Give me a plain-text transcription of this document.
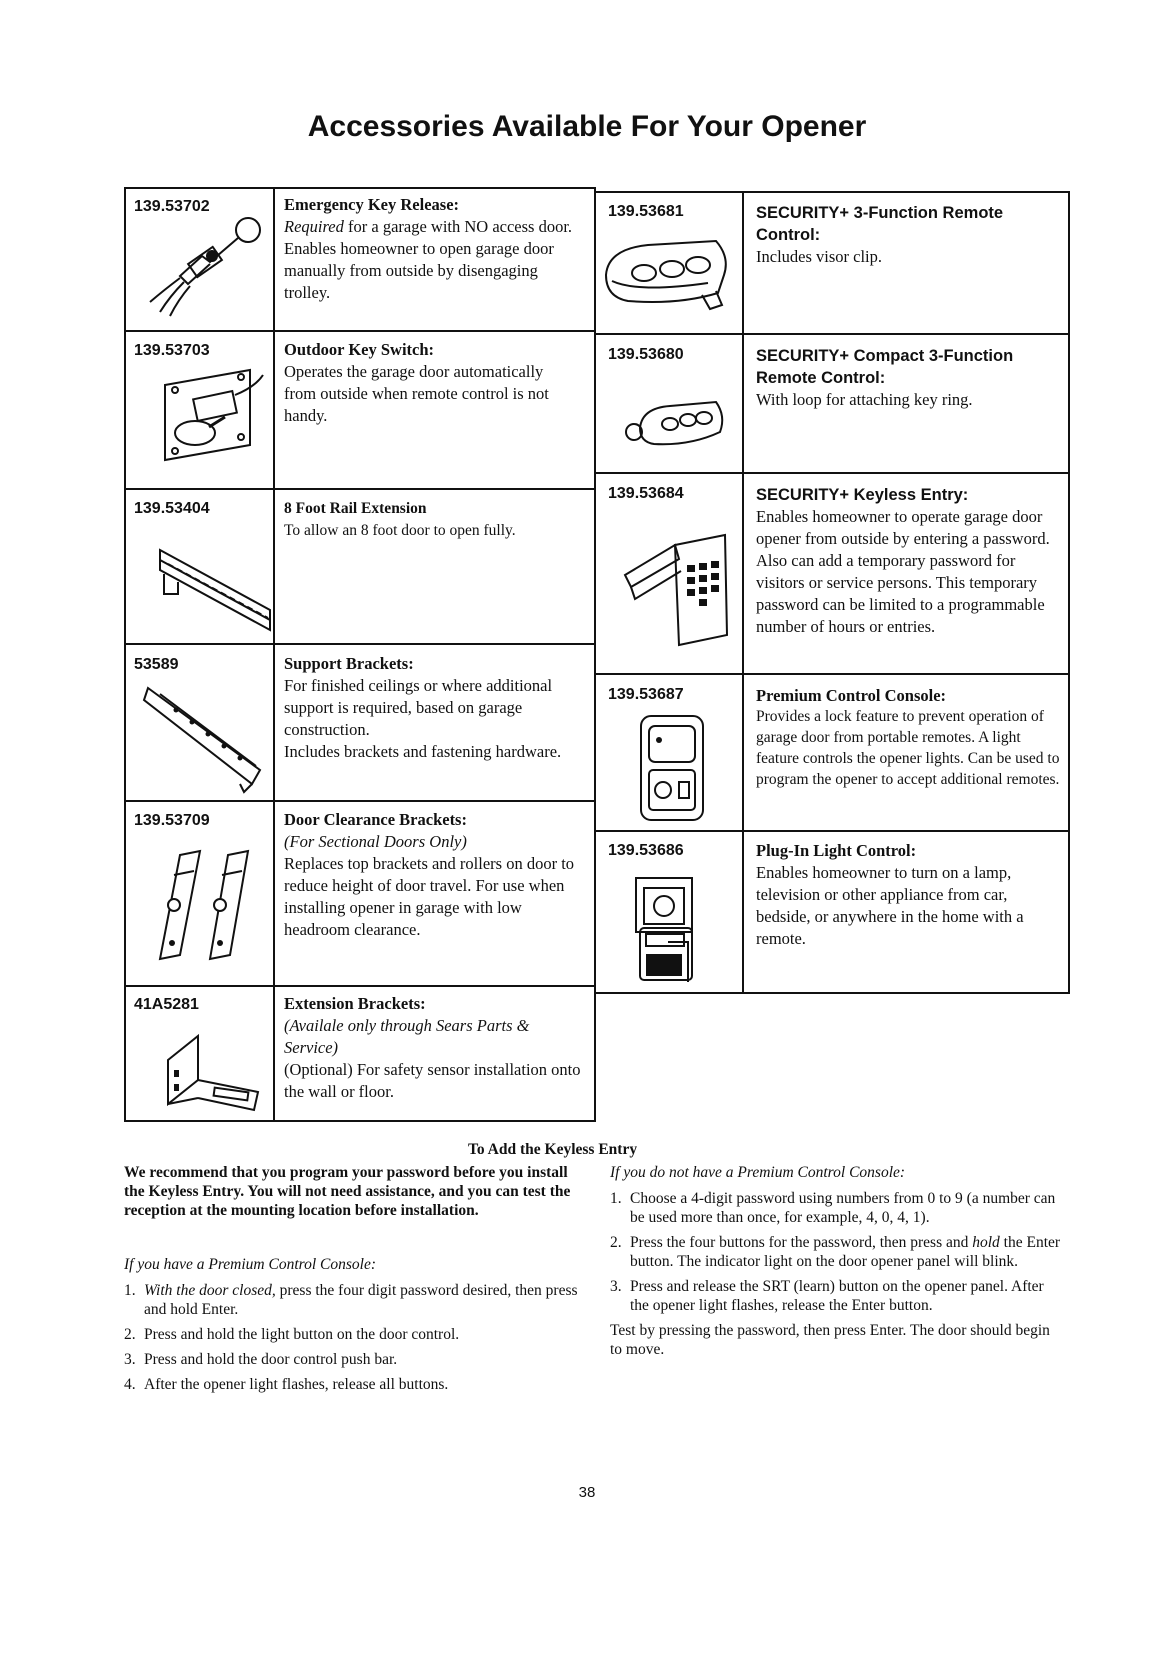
Accessories Available For Your Opener
139.53702	Emergency Key Release:
Required for a garage with NO access door. Enables homeowner to open garage door manually from outside by disengaging trolley.
139.53703	Outdoor Key Switch:
Operates the garage door automatically from outside when remote control is not handy.
139.53404	8 Foot Rail Extension
To allow an 8 foot door to open fully.
53589	Support Brackets:
For finished ceilings or where additional support is required, based on garage construction.
Includes brackets and fastening hardware.
139.53709	Door Clearance Brackets:
(For Sectional Doors Only)
Replaces top brackets and rollers on door to reduce height of door travel. For use when installing opener in garage with low headroom clearance.
41A5281	Extension Brackets:
(Availale only through Sears Parts & Service)
(Optional) For safety sensor installation onto the wall or floor.
139.53681	SECURITY+ 3-Function Remote Control:
Includes visor clip.
139.53680	SECURITY+ Compact 3-Function Remote Control:
With loop for attaching key ring.
139.53684	SECURITY+ Keyless Entry:
Enables homeowner to operate garage door opener from outside by entering a password. Also can add a temporary password for visitors or service persons. This temporary password can be limited to a programmable number of hours or entries.
139.53687	Premium Control Console:
Provides a lock feature to prevent operation of garage door from portable remotes. A light feature controls the opener lights. Can be used to program the opener to accept additional remotes.
139.53686	Plug-In Light Control:
Enables homeowner to turn on a lamp, television or other appliance from car, bedside, or anywhere in the home with a remote.
To Add the Keyless Entry
We recommend that you program your password before you install the Keyless Entry. You will not need assistance, and you can test the reception at the mounting location before installation.
If you have a Premium Control Console:
1. With the door closed, press the four digit password desired, then press and hold Enter.
2. Press and hold the light button on the door control.
3. Press and hold the door control push bar.
4. After the opener light flashes, release all buttons.
If you do not have a Premium Control Console:
1. Choose a 4-digit password using numbers from 0 to 9 (a number can be used more than once, for example, 4, 0, 4, 1).
2. Press the four buttons for the password, then press and hold the Enter button. The indicator light on the door opener panel will blink.
3. Press and release the SRT (learn) button on the opener panel. After the opener light flashes, release the Enter button.
Test by pressing the password, then press Enter. The door should begin to move.
38
